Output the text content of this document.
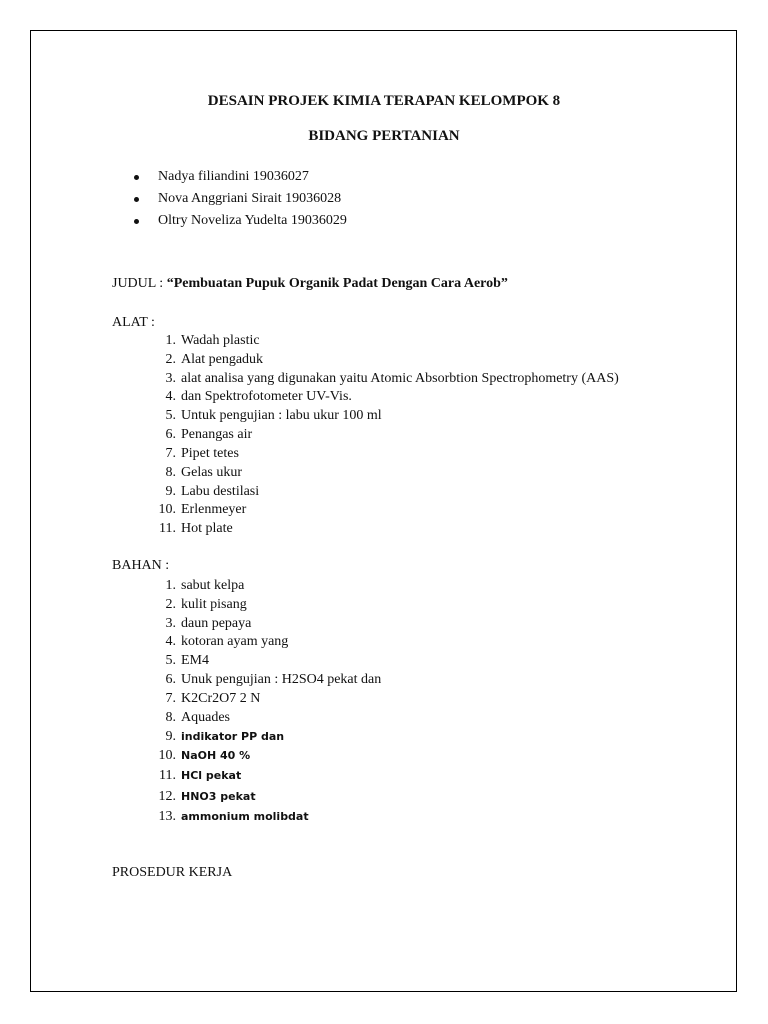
DESAIN PROJEK KIMIA TERAPAN KELOMPOK 8
BIDANG PERTANIAN
Nadya filiandini 19036027
Nova Anggriani Sirait 19036028
Oltry Noveliza Yudelta 19036029
JUDUL : “Pembuatan Pupuk Organik Padat Dengan Cara Aerob”
ALAT :
1. Wadah plastic
2. Alat pengaduk
3. alat analisa yang digunakan yaitu Atomic Absorbtion Spectrophometry (AAS)
4. dan Spektrofotometer UV-Vis.
5. Untuk pengujian : labu ukur 100 ml
6. Penangas air
7. Pipet tetes
8. Gelas ukur
9. Labu destilasi
10. Erlenmeyer
11. Hot plate
BAHAN :
1. sabut kelpa
2. kulit pisang
3. daun pepaya
4. kotoran ayam yang
5. EM4
6. Unuk pengujian : H2SO4 pekat dan
7. K2Cr2O7 2 N
8. Aquades
9. indikator PP dan
10. NaOH 40 %
11. HCl pekat
12. HNO3 pekat
13. ammonium molibdat
PROSEDUR KERJA
